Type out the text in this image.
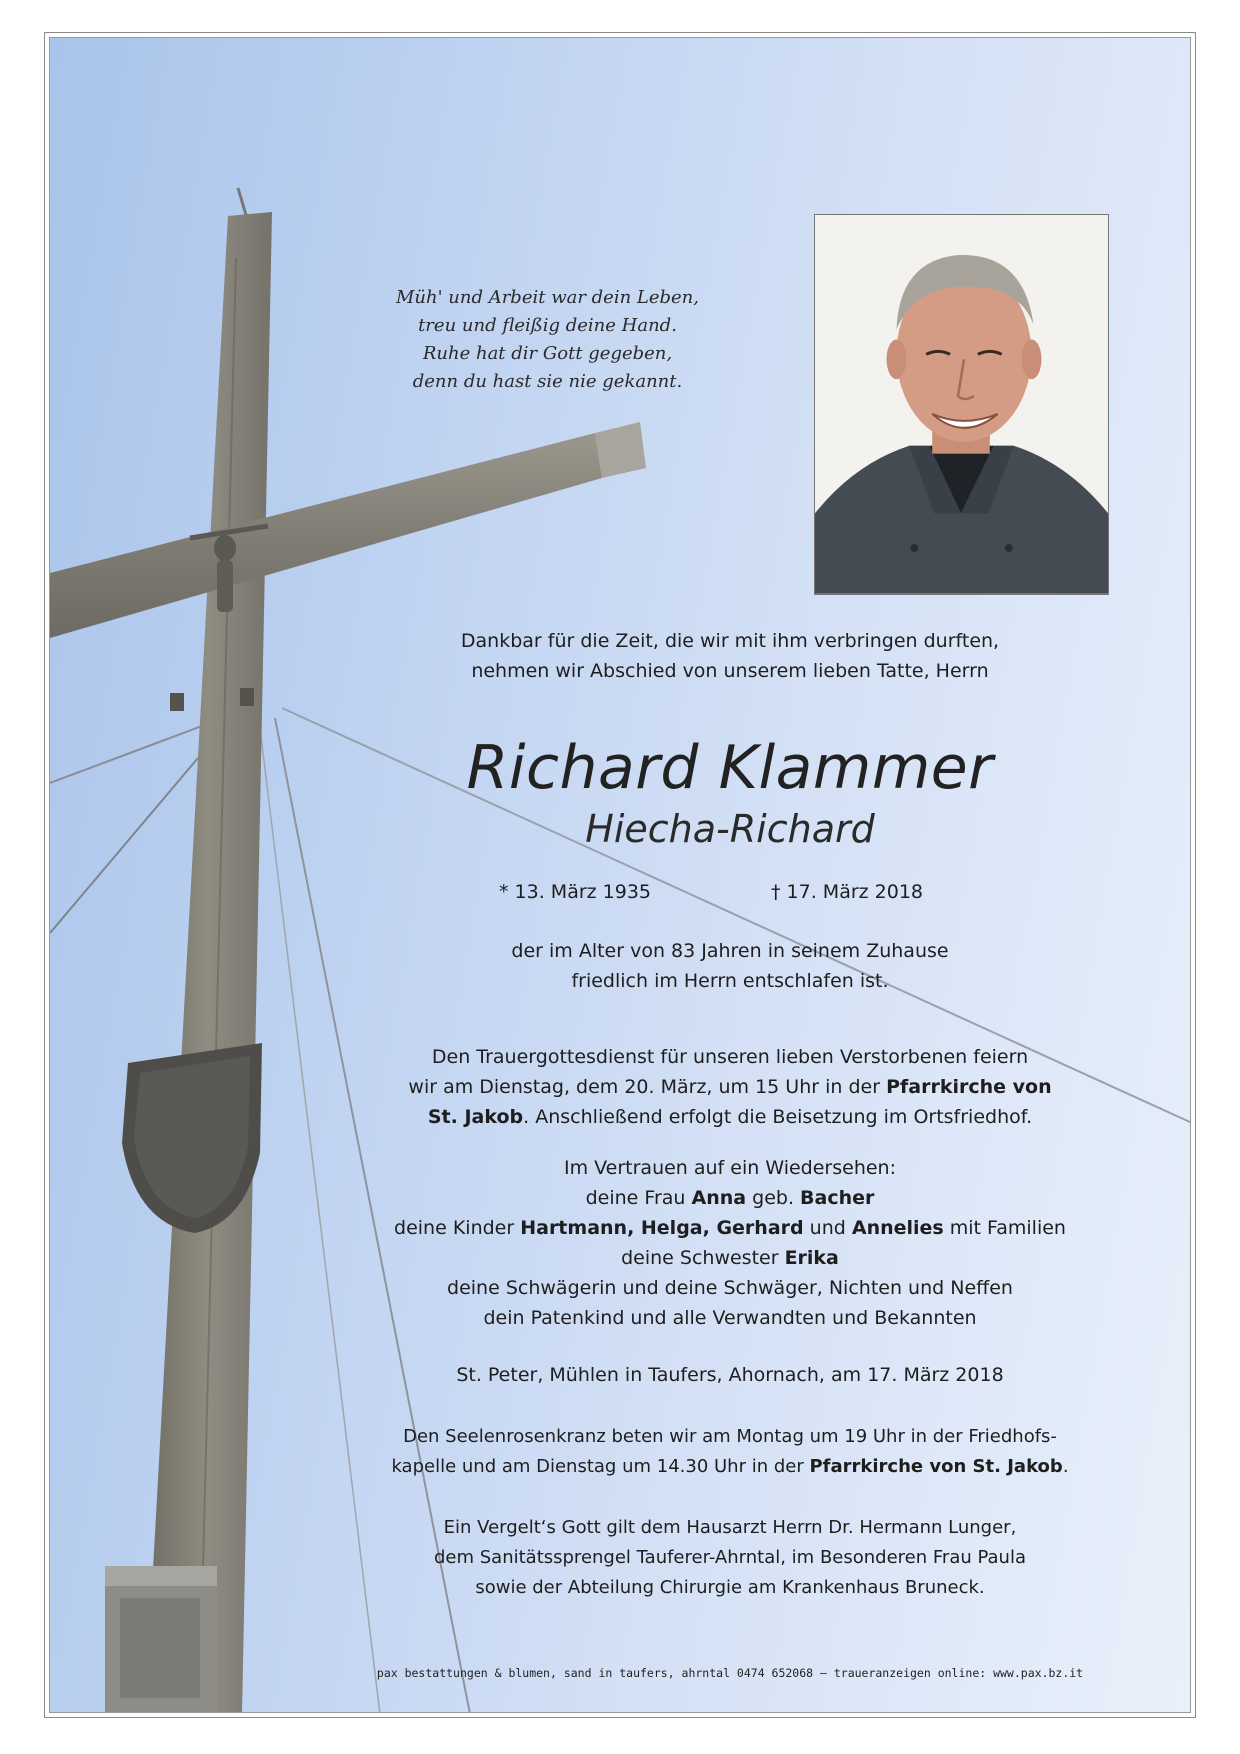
Müh' und Arbeit war dein Leben,
treu und fleißig deine Hand.
Ruhe hat dir Gott gegeben,
denn du hast sie nie gekannt.
Dankbar für die Zeit, die wir mit ihm verbringen durften,
nehmen wir Abschied von unserem lieben Tatte, Herrn
Richard Klammer
Hiecha-Richard
* 13. März 1935	† 17. März 2018
der im Alter von 83 Jahren in seinem Zuhause
friedlich im Herrn entschlafen ist.
Den Trauergottesdienst für unseren lieben Verstorbenen feiern
wir am Dienstag, dem 20. März, um 15 Uhr in der Pfarrkirche von
St. Jakob. Anschließend erfolgt die Beisetzung im Ortsfriedhof.
Im Vertrauen auf ein Wiedersehen:
deine Frau Anna geb. Bacher
deine Kinder Hartmann, Helga, Gerhard und Annelies mit Familien
deine Schwester Erika
deine Schwägerin und deine Schwäger, Nichten und Neffen
dein Patenkind und alle Verwandten und Bekannten
St. Peter, Mühlen in Taufers, Ahornach, am 17. März 2018
Den Seelenrosenkranz beten wir am Montag um 19 Uhr in der Friedhofs-
kapelle und am Dienstag um 14.30 Uhr in der Pfarrkirche von St. Jakob.
Ein Vergelt‘s Gott gilt dem Hausarzt Herrn Dr. Hermann Lunger,
dem Sanitätssprengel Tauferer-Ahrntal, im Besonderen Frau Paula
sowie der Abteilung Chirurgie am Krankenhaus Bruneck.
pax bestattungen & blumen, sand in taufers, ahrntal 0474 652068 – traueranzeigen online: www.pax.bz.it
